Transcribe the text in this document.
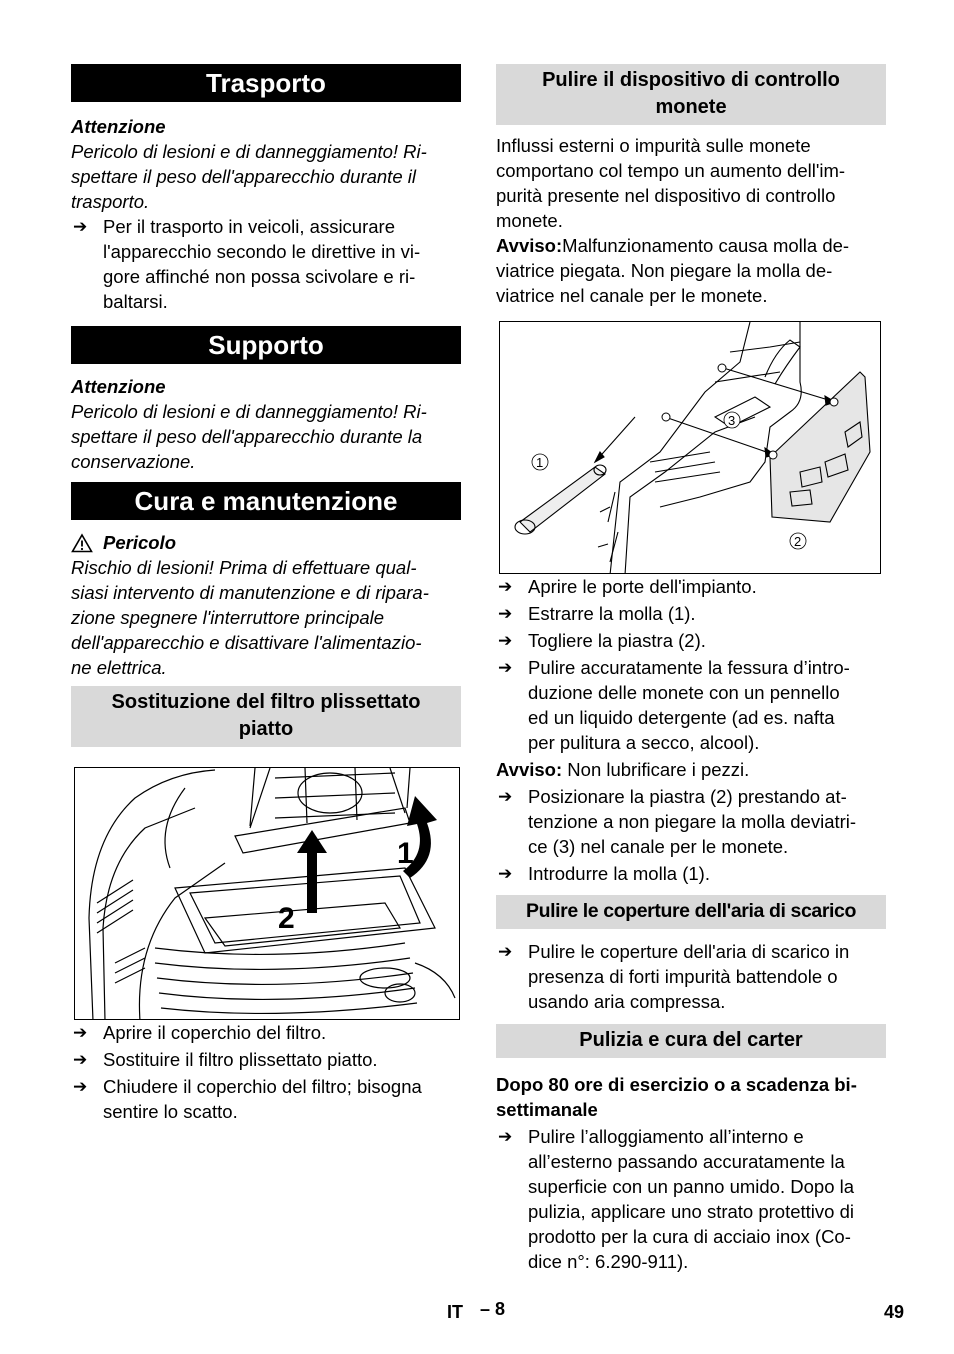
Trasporto
Attenzione
Pericolo di lesioni e di danneggiamento! Ri-
spettare il peso dell'apparecchio durante il
trasporto.
➔ Per il trasporto in veicoli, assicurare
l'apparecchio secondo le direttive in vi-
gore affinché non possa scivolare e ri-
baltarsi.
Supporto
Attenzione
Pericolo di lesioni e di danneggiamento! Ri-
spettare il peso dell'apparecchio durante la
conservazione.
Cura e manutenzione
Pericolo
Rischio di lesioni! Prima di effettuare qual-
siasi intervento di manutenzione e di ripara-
zione spegnere l'interruttore principale
dell'apparecchio e disattivare l'alimentazio-
ne elettrica.
Sostituzione del filtro plissettato
piatto
1
2
➔ Aprire il coperchio del filtro.
➔ Sostituire il filtro plissettato piatto.
➔ Chiudere il coperchio del filtro; bisogna
sentire lo scatto.
Pulire il dispositivo di controllo
monete
Influssi esterni o impurità sulle monete
comportano col tempo un aumento dell'im-
purità presente nel dispositivo di controllo
monete.
Avviso:Malfunzionamento causa molla de-
viatrice piegata. Non piegare la molla de-
viatrice nel canale per le monete.
1
2
3
➔ Aprire le porte dell'impianto.
➔ Estrarre la molla (1).
➔ Togliere la piastra (2).
➔ Pulire accuratamente la fessura d’intro-
duzione delle monete con un pennello
ed un liquido detergente (ad es. nafta
per pulitura a secco, alcool).
Avviso: Non lubrificare i pezzi.
➔ Posizionare la piastra (2) prestando at-
tenzione a non piegare la molla deviatri-
ce (3) nel canale per le monete.
➔ Introdurre la molla (1).
Pulire le coperture dell'aria di scarico
➔ Pulire le coperture dell'aria di scarico in
presenza di forti impurità battendole o
usando aria compressa.
Pulizia e cura del carter
Dopo 80 ore di esercizio o a scadenza bi-
settimanale
➔ Pulire l’alloggiamento all’interno e
all’esterno passando accuratamente la
superficie con un panno umido. Dopo la
pulizia, applicare uno strato protettivo di
prodotto per la cura di acciaio inox (Co-
dice n°: 6.290-911).
IT – 8	49
